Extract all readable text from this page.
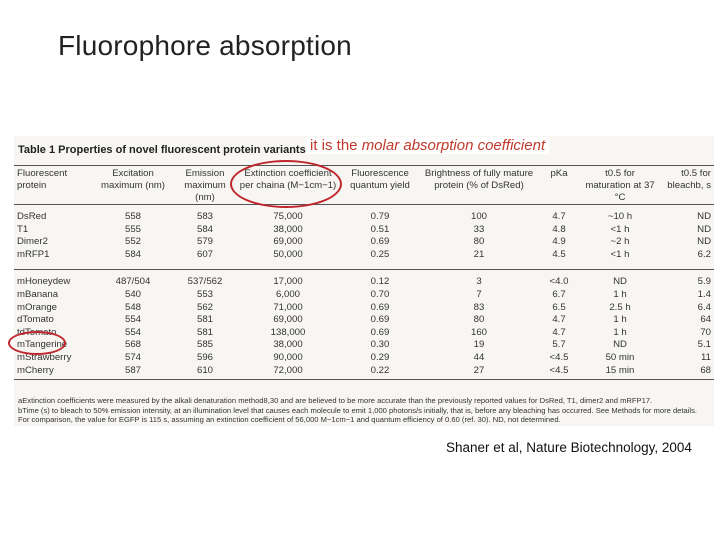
Fluorophore absorption
Table 1 Properties of novel fluorescent protein variants
Fluorescent protein	Excitation maximum (nm)	Emission maximum (nm)	Extinction coefficient per chaina (M−1cm−1)	Fluorescence quantum yield	Brightness of fully mature protein (% of DsRed)	pKa	t0.5 for maturation at 37 °C	t0.5 for bleachb, s

DsRed	558	583	75,000	0.79	100	4.7	~10 h	ND
T1	555	584	38,000	0.51	33	4.8	<1 h	ND
Dimer2	552	579	69,000	0.69	80	4.9	~2 h	ND
mRFP1	584	607	50,000	0.25	21	4.5	<1 h	6.2

mHoneydew	487/504	537/562	17,000	0.12	3	<4.0	ND	5.9
mBanana	540	553	6,000	0.70	7	6.7	1 h	1.4
mOrange	548	562	71,000	0.69	83	6.5	2.5 h	6.4
dTomato	554	581	69,000	0.69	80	4.7	1 h	64
tdTomato	554	581	138,000	0.69	160	4.7	1 h	70
mTangerine	568	585	38,000	0.30	19	5.7	ND	5.1
mStrawberry	574	596	90,000	0.29	44	<4.5	50 min	11
mCherry	587	610	72,000	0.22	27	<4.5	15 min	68

aExtinction coefficients were measured by the alkali denaturation method8,30 and are believed to be more accurate than the previously reported values for DsRed, T1, dimer2 and mRFP17.
bTime (s) to bleach to 50% emission intensity, at an illumination level that causes each molecule to emit 1,000 photons/s initially, that is, before any bleaching has occurred. See Methods for more details. For comparison, the value for EGFP is 115 s, assuming an extinction coefficient of 56,000 M−1cm−1 and quantum efficiency of 0.60 (ref. 30). ND, not determined.
it is the molar absorption coefficient
Shaner et al, Nature Biotechnology, 2004
